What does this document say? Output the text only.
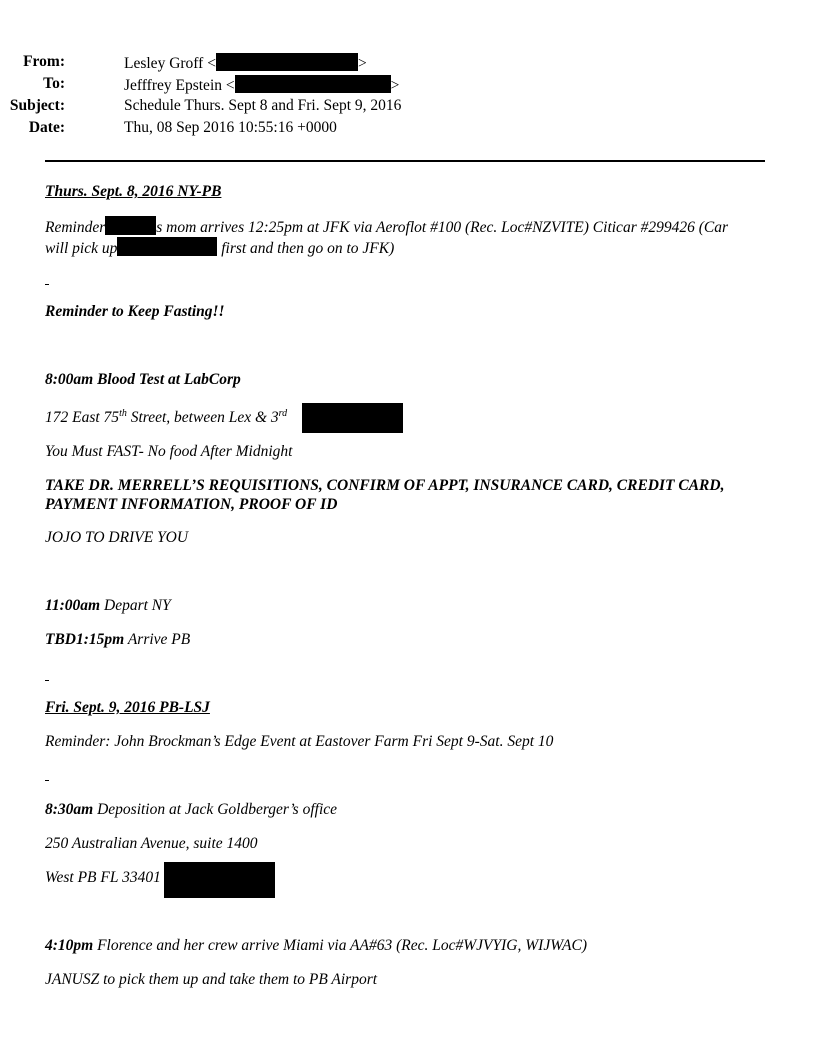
From:	Lesley Groff <	>
To:	Jefffrey Epstein <	>
Subject:	Schedule Thurs. Sept 8 and Fri. Sept 9, 2016
Date:	Thu, 08 Sep 2016 10:55:16 +0000
Thurs. Sept. 8, 2016 NY-PB
Reminder	s mom arrives 12:25pm at JFK via Aeroflot #100 (Rec. Loc#NZVITE) Citicar #299426 (Car
will pick up	first and then go on to JFK)
Reminder to Keep Fasting!!
8:00am Blood Test at LabCorp
172 East 75th Street, between Lex & 3rd
You Must FAST- No food After Midnight
TAKE DR. MERRELL’S REQUISITIONS, CONFIRM OF APPT, INSURANCE CARD, CREDIT CARD, PAYMENT INFORMATION, PROOF OF ID
JOJO TO DRIVE YOU
11:00am Depart NY
TBD1:15pm Arrive PB
Fri. Sept. 9, 2016 PB-LSJ
Reminder: John Brockman’s Edge Event at Eastover Farm Fri Sept 9-Sat. Sept 10
8:30am Deposition at Jack Goldberger’s office
250 Australian Avenue, suite 1400
West PB FL 33401
4:10pm Florence and her crew arrive Miami via AA#63 (Rec. Loc#WJVYIG, WIJWAC)
JANUSZ to pick them up and take them to PB Airport
